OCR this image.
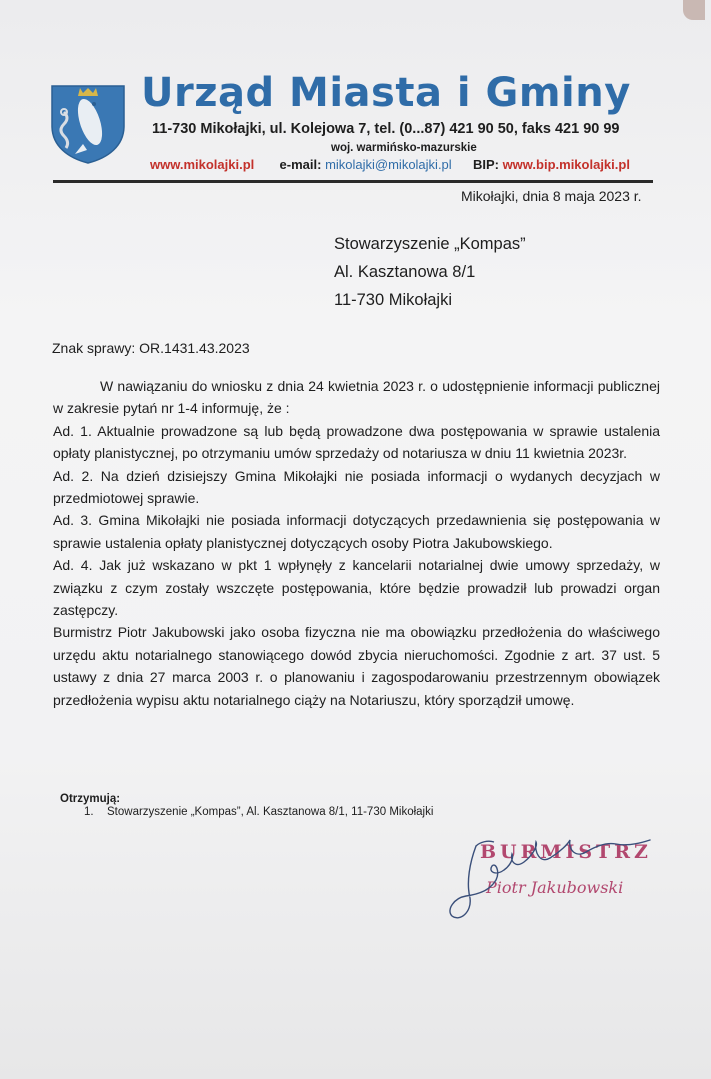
Urząd Miasta i Gminy
11-730 Mikołajki, ul. Kolejowa 7, tel. (0...87) 421 90 50, faks 421 90 99
woj. warmińsko-mazurskie
www.mikolajki.pl e-mail: mikolajki@mikolajki.pl BIP: www.bip.mikolajki.pl
Mikołajki, dnia 8 maja 2023 r.
Stowarzyszenie „Kompas”
Al. Kasztanowa 8/1
11-730 Mikołajki
Znak sprawy: OR.1431.43.2023

W nawiązaniu do wniosku z dnia 24 kwietnia 2023 r. o udostępnienie informacji publicznej w zakresie pytań nr 1-4 informuję, że :

Ad. 1. Aktualnie prowadzone są lub będą prowadzone dwa postępowania w sprawie ustalenia opłaty planistycznej, po otrzymaniu umów sprzedaży od notariusza w dniu 11 kwietnia 2023r.

Ad. 2. Na dzień dzisiejszy Gmina Mikołajki nie posiada informacji o wydanych decyzjach w przedmiotowej sprawie.

Ad. 3. Gmina Mikołajki nie posiada informacji dotyczących przedawnienia się postępowania w sprawie ustalenia opłaty planistycznej dotyczących osoby Piotra Jakubowskiego.

Ad. 4. Jak już wskazano w pkt 1 wpłynęły z kancelarii notarialnej dwie umowy sprzedaży, w związku z czym zostały wszczęte postępowania, które będzie prowadził lub prowadzi organ zastępczy.

Burmistrz Piotr Jakubowski jako osoba fizyczna nie ma obowiązku przedłożenia do właściwego urzędu aktu notarialnego stanowiącego dowód zbycia nieruchomości. Zgodnie z art. 37 ust. 5 ustawy z dnia 27 marca 2003 r. o planowaniu i zagospodarowaniu przestrzennym obowiązek przedłożenia wypisu aktu notarialnego ciąży na Notariuszu, który sporządził umowę.

Otrzymują:
1. Stowarzyszenie „Kompas”, Al. Kasztanowa 8/1, 11-730 Mikołajki
BURMISTRZ
Piotr Jakubowski
